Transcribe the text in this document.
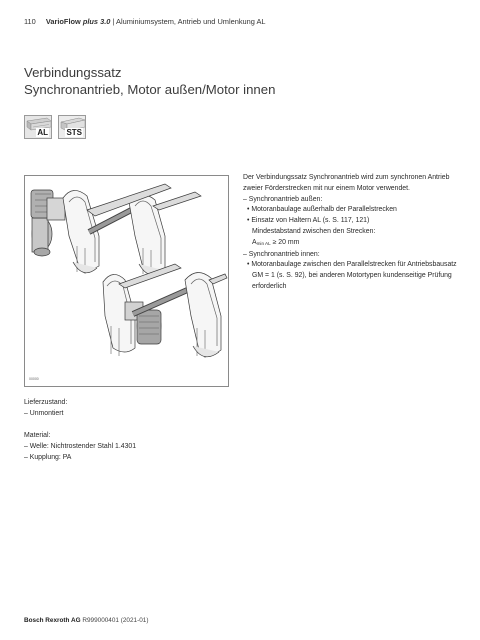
110 VarioFlow plus 3.0 | Aluminiumsystem, Antrieb und Umlenkung AL
Verbindungssatz
Synchronantrieb, Motor außen/Motor innen
AL STS
00000

Der Verbindungssatz Synchronantrieb wird zum synchronen Antrieb zweier Förderstrecken mit nur einem Motor verwendet.

– Synchronantrieb außen:
• Motoranbaulage außerhalb der Parallelstrecken
• Einsatz von Haltern AL (s. S. 117, 121)
Mindestabstand zwischen den Strecken:
$A_{min AL} \ge 20$ mm
– Synchronantrieb innen:
• Motoranbaulage zwischen den Parallelstrecken für Antriebsbausatz GM = 1 (s. S. 92), bei anderen Motortypen kundenseitige Prüfung erforderlich

Lieferzustand:

– Unmontiert

Material:

– Welle: Nichtrostender Stahl 1.4301

– Kupplung: PA

Bosch Rexroth AG R999000401 (2021-01)
